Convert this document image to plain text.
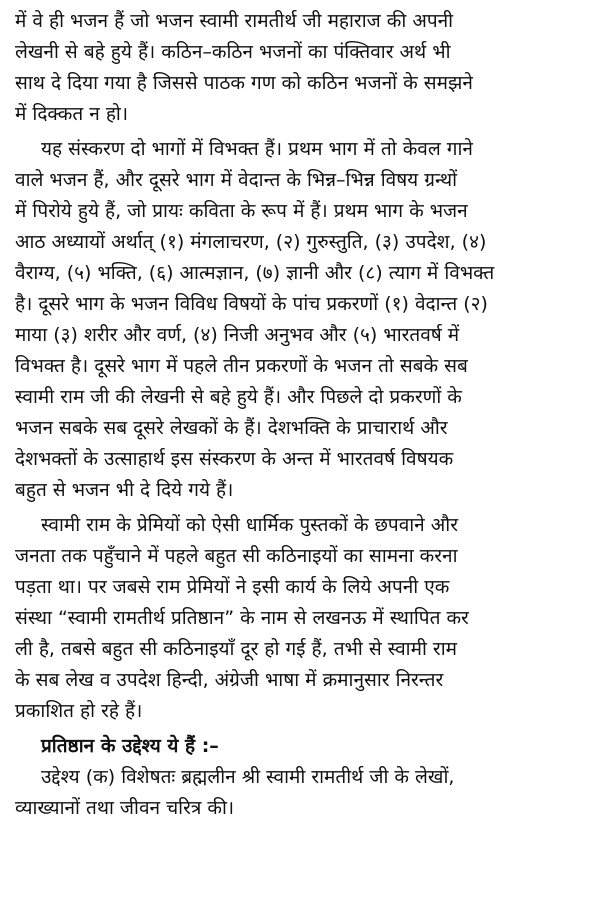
में वे ही भजन हैं जो भजन स्वामी रामतीर्थ जी महाराज की अपनी
लेखनी से बहे हुये हैं। कठिन–कठिन भजनों का पंक्तिवार अर्थ भी
साथ दे दिया गया है जिससे पाठक गण को कठिन भजनों के समझने
में दिक्कत न हो।
यह संस्करण दो भागों में विभक्त हैं। प्रथम भाग में तो केवल गाने
वाले भजन हैं, और दूसरे भाग में वेदान्त के भिन्न–भिन्न विषय ग्रन्थों
में पिरोये हुये हैं, जो प्रायः कविता के रूप में हैं। प्रथम भाग के भजन
आठ अध्यायों अर्थात् (१) मंगलाचरण, (२) गुरुस्तुति, (३) उपदेश, (४)
वैराग्य, (५) भक्ति, (६) आत्मज्ञान, (७) ज्ञानी और (८) त्याग में विभक्त
है। दूसरे भाग के भजन विविध विषयों के पांच प्रकरणों (१) वेदान्त (२)
माया (३) शरीर और वर्ण, (४) निजी अनुभव और (५) भारतवर्ष में
विभक्त है। दूसरे भाग में पहले तीन प्रकरणों के भजन तो सबके सब
स्वामी राम जी की लेखनी से बहे हुये हैं। और पिछले दो प्रकरणों के
भजन सबके सब दूसरे लेखकों के हैं। देशभक्ति के प्राचारार्थ और
देशभक्तों के उत्साहार्थ इस संस्करण के अन्त में भारतवर्ष विषयक
बहुत से भजन भी दे दिये गये हैं।
स्वामी राम के प्रेमियों को ऐसी धार्मिक पुस्तकों के छपवाने और
जनता तक पहुँचाने में पहले बहुत सी कठिनाइयों का सामना करना
पड़ता था। पर जबसे राम प्रेमियों ने इसी कार्य के लिये अपनी एक
संस्था “स्वामी रामतीर्थ प्रतिष्ठान” के नाम से लखनऊ में स्थापित कर
ली है, तबसे बहुत सी कठिनाइयाँ दूर हो गई हैं, तभी से स्वामी राम
के सब लेख व उपदेश हिन्दी, अंग्रेजी भाषा में क्रमानुसार निरन्तर
प्रकाशित हो रहे हैं।
प्रतिष्ठान के उद्देश्य ये हैं :–
उद्देश्य (क) विशेषतः ब्रह्मलीन श्री स्वामी रामतीर्थ जी के लेखों,
व्याख्यानों तथा जीवन चरित्र की।
